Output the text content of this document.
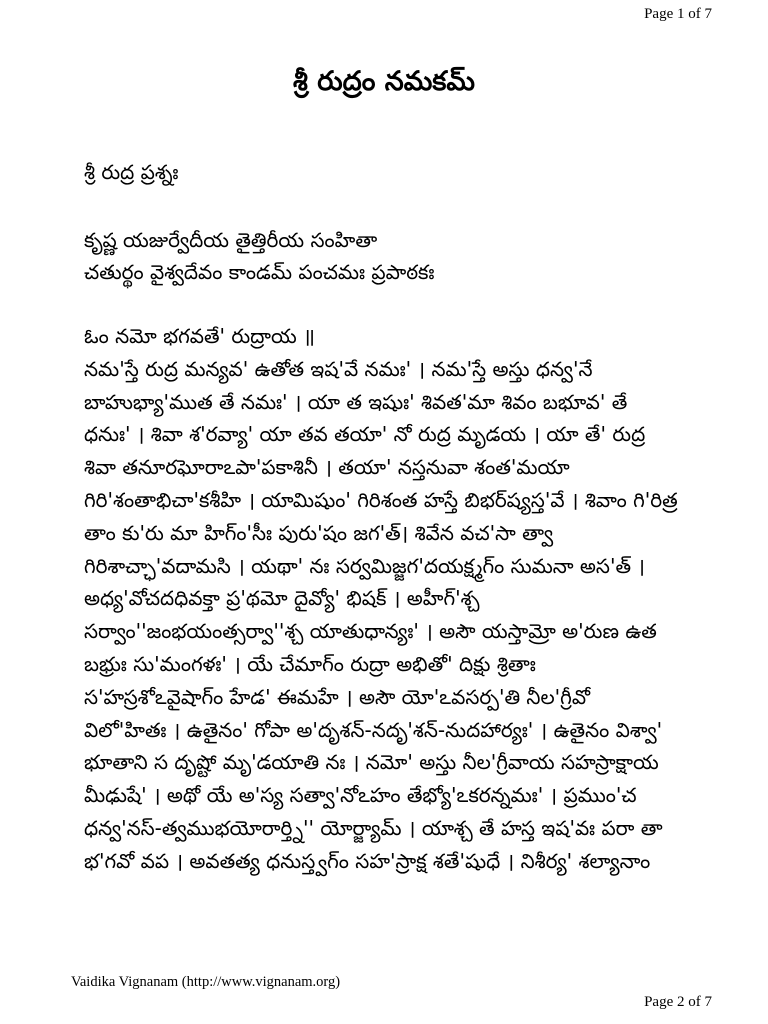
Page 1 of 7
శ్రీ రుద్రం నమకమ్
శ్రీ రుద్ర ప్రశ్నః
కృష్ణ యజుర్వేదీయ తైత్తిరీయ సంహితా
చతుర్థం వైశ్వదేవం కాండమ్ పంచమః ప్రపాఠకః
ఓం నమో భగవతే' రుద్రాయ ॥
నమ'స్తే రుద్ర మన్యవ' ఉతోత ఇష'వే నమః' । నమ'స్తే అస్తు ధన్వ'నే
బాహుభ్యా'ముత తే నమః' । యా త ఇషుః' శివత'మా శివం బభూవ' తే
ధనుః' । శివా శ'రవ్యా' యా తవ తయా' నో రుద్ర మృడయ । యా తే' రుద్ర
శివా తనూరఘోరాఽపా'పకాశినీ । తయా' నస్తనువా శంత'మయా
గిరి'శంతాభిచా'కశీహి । యామిషుం' గిరిశంత హస్తే బిభర్‌ష్యస్త'వే । శివాం గి'రిత్ర
తాం కు'రు మా హిగ్ం'సీః పురు'షం జగ'త్। శివేన వచ'సా త్వా
గిరిశాచ్ఛా'వదామసి । యథా' నః సర్వమిజ్జగ'దయక్ష్మగ్ం సుమనా అస'త్ ।
అధ్య'వోచదధివక్తా ప్ర'థమో దైవ్యో' భిషక్ । అహీగ్'శ్చ
సర్వాం''జంభయంత్సర్వా''శ్చ యాతుధాన్యః' । అసౌ యస్తామ్రో అ'రుణ ఉత
బభ్రుః సు'మంగళః' । యే చేమాగ్ం రుద్రా అభితో' దిక్షు శ్రితాః
స'హస్రశోఽవైషాగ్ం హేడ' ఈమహే । అసౌ యో'ఽవసర్ప'తి నీల'గ్రీవో
విలో'హితః । ఉతైనం' గోపా అ'దృశన్-నదృ'శన్-నుదహార్యః' । ఉతైనం విశ్వా'
భూతాని స దృష్టో మృ'డయాతి నః । నమో' అస్తు నీల'గ్రీవాయ సహస్రాక్షాయ
మీఢుషే' । అథో యే అ'స్య సత్వా'నోఽహం తేభ్యో'ఽకరన్నమః' । ప్రముం'చ
ధన్వ'నస్-త్వముభయోరార్త్ని'' యోర్జ్యామ్ । యాశ్చ తే హస్త ఇష'వః పరా తా
భ'గవో వప । అవతత్య ధనుస్త్వగ్ం సహ'స్రాక్ష శతే'షుధే । నిశీర్య' శల్యానాం
Vaidika Vignanam (http://www.vignanam.org)
Page 2 of 7
